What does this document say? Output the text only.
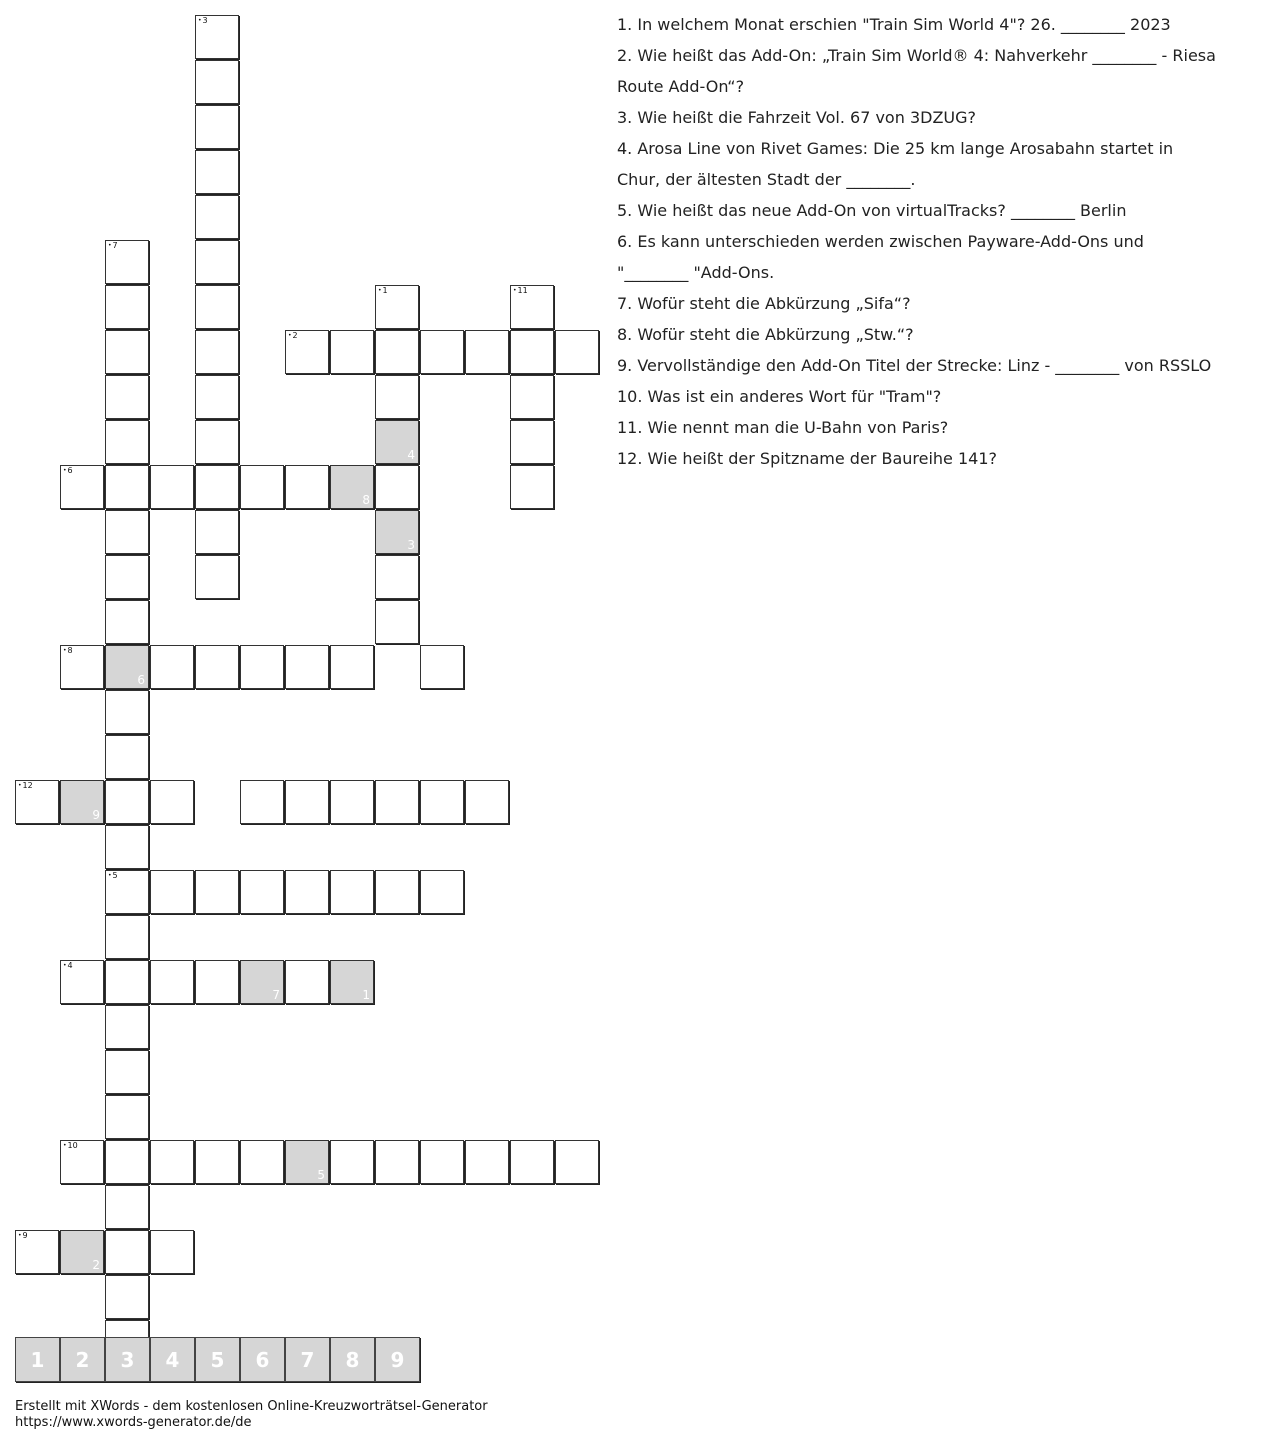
• 3
• 7
6
• 5
• 1
4
3
• 11
• 2
• 6
8
• 8
• 12
9
• 4
• 10
• 9
2
7	1
5

1. In welchem Monat erschien "Train Sim World 4"? 26. ________ 2023

2. Wie heißt das Add-On: „Train Sim World® 4: Nahverkehr ________ - Riesa Route Add-On“?

3. Wie heißt die Fahrzeit Vol. 67 von 3DZUG?

4. Arosa Line von Rivet Games: Die 25 km lange Arosabahn startet in Chur, der ältesten Stadt der ________.

5. Wie heißt das neue Add-On von virtualTracks? ________ Berlin

6. Es kann unterschieden werden zwischen Payware-Add-Ons und "________ "Add-Ons.

7. Wofür steht die Abkürzung „Sifa“?

8. Wofür steht die Abkürzung „Stw.“?

9. Vervollständige den Add-On Titel der Strecke: Linz - ________ von RSSLO

10. Was ist ein anderes Wort für "Tram"?

11. Wie nennt man die U-Bahn von Paris?

12. Wie heißt der Spitzname der Baureihe 141?

1	2	3	4	5	6	7	8	9
Erstellt mit XWords - dem kostenlosen Online-Kreuzworträtsel-Generator
https://www.xwords-generator.de/de
